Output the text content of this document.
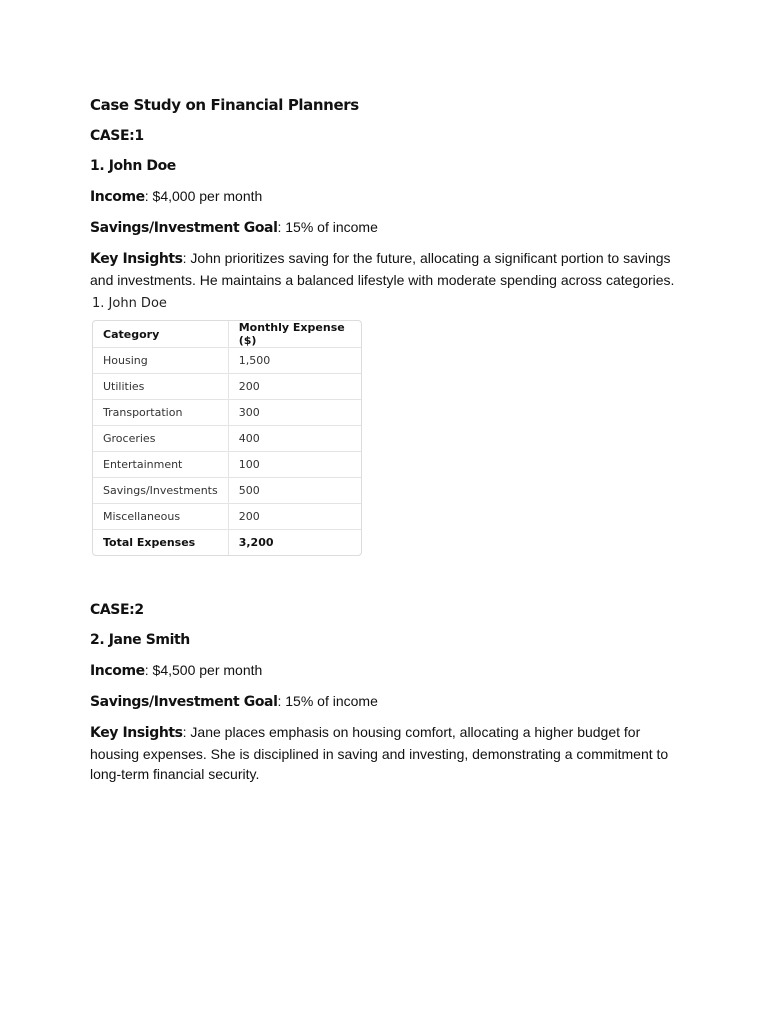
Case Study on Financial Planners
CASE:1
1. John Doe
Income: $4,000 per month
Savings/Investment Goal: 15% of income
Key Insights: John prioritizes saving for the future, allocating a significant portion to savings and investments. He maintains a balanced lifestyle with moderate spending across categories.
1. John Doe
Category	Monthly Expense ($)
Housing	1,500
Utilities	200
Transportation	300
Groceries	400
Entertainment	100
Savings/Investments	500
Miscellaneous	200
Total Expenses	3,200
CASE:2
2. Jane Smith
Income: $4,500 per month
Savings/Investment Goal: 15% of income
Key Insights: Jane places emphasis on housing comfort, allocating a higher budget for housing expenses. She is disciplined in saving and investing, demonstrating a commitment to long-term financial security.
